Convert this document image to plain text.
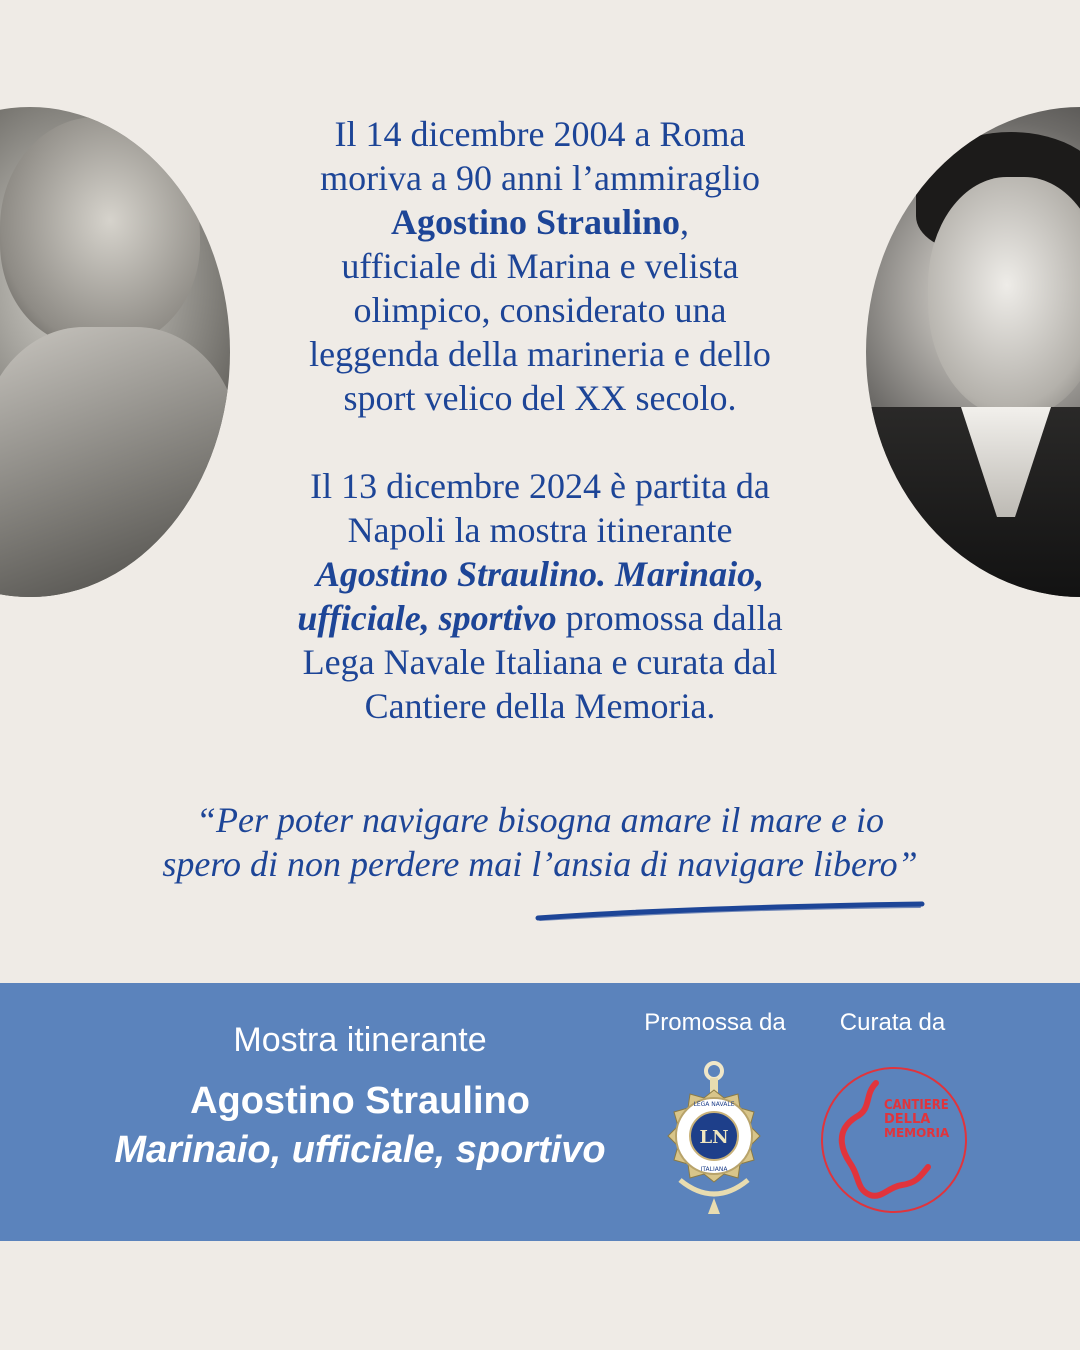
Il 14 dicembre 2004 a Roma

moriva a 90 anni l’ammiraglio

Agostino Straulino,

ufficiale di Marina e velista

olimpico, considerato una

leggenda della marineria e dello

sport velico del XX secolo.

Il 13 dicembre 2024 è partita da

Napoli la mostra itinerante

Agostino Straulino. Marinaio,

ufficiale, sportivo promossa dalla

Lega Navale Italiana e curata dal

Cantiere della Memoria.

“Per poter navigare bisogna amare il mare e io
spero di non perdere mai l’ansia di navigare libero”
Mostra itinerante
Agostino Straulino
Marinaio, ufficiale, sportivo
Promossa da	Curata da
LN
LEGA NAVALE
ITALIANA
CANTIERE
DELLA
MEMORIA
